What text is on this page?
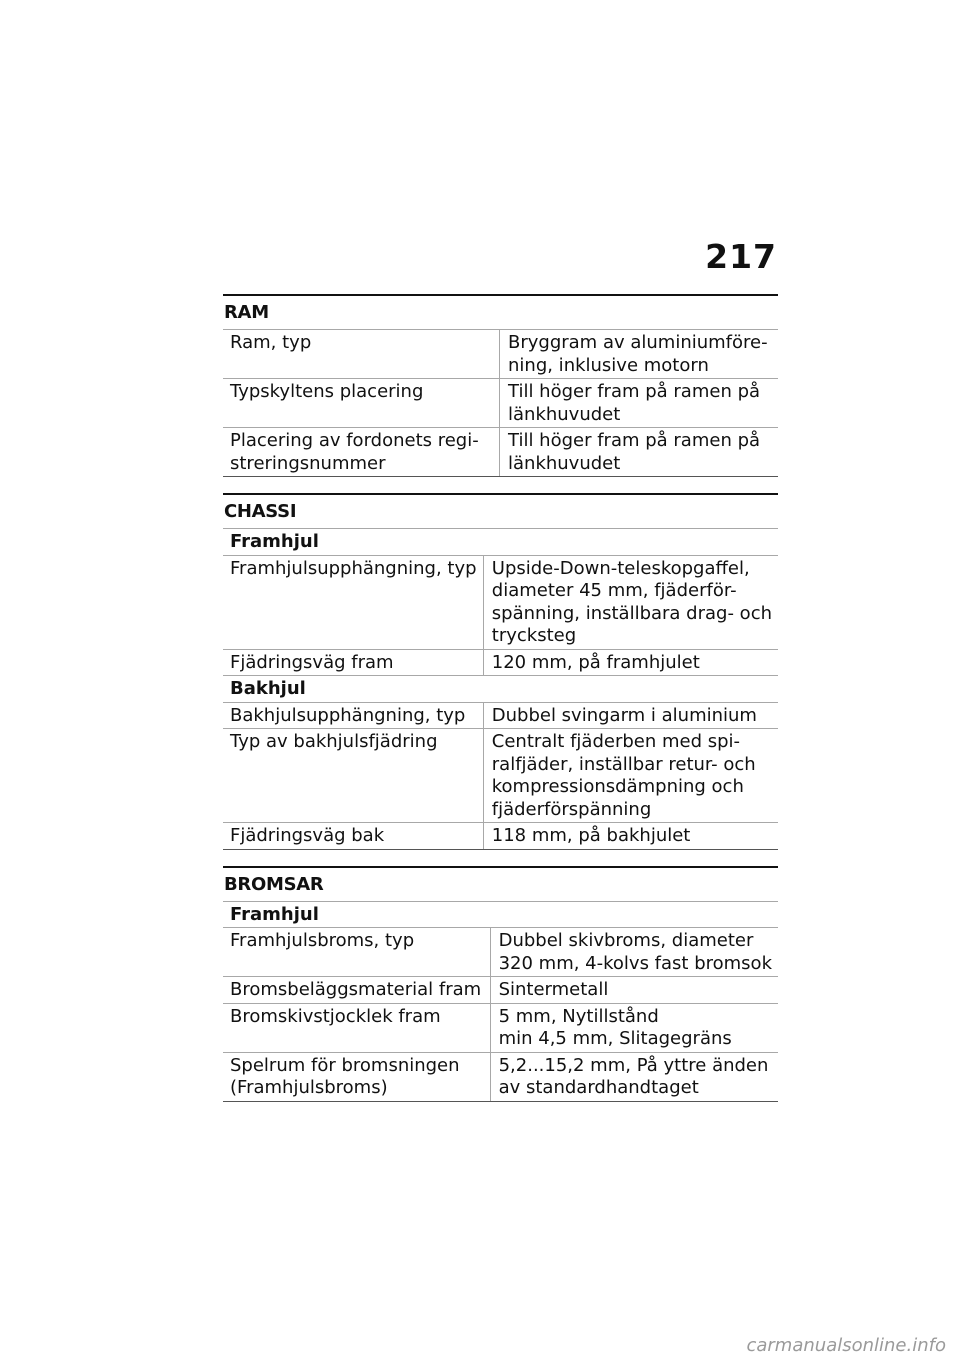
217
RAM
Ram, typ	Bryggram av aluminiumföre-
ning, inklusive motorn

Typskyltens placering	Till höger fram på ramen på
länkhuvudet

Placering av fordonets regi-
streringsnummer	Till höger fram på ramen på
länkhuvudet
CHASSI
Framhjul	

Framhjulsupphängning, typ	Upside-Down-teleskopgaffel,
diameter 45 mm, fjäderför-
spänning, inställbara drag- och
trycksteg

Fjädringsväg fram	120 mm, på framhjulet

Bakhjul	

Bakhjulsupphängning, typ	Dubbel svingarm i aluminium

Typ av bakhjulsfjädring	Centralt fjäderben med spi-
ralfjäder, inställbar retur- och
kompressionsdämpning och
fjäderförspänning

Fjädringsväg bak	118 mm, på bakhjulet
BROMSAR
Framhjul	

Framhjulsbroms, typ	Dubbel skivbroms, diameter
320 mm, 4-kolvs fast bromsok

Bromsbeläggsmaterial fram	Sintermetall

Bromskivstjocklek fram	5 mm, Nytillstånd
min 4,5 mm, Slitagegräns

Spelrum för bromsningen
(Framhjulsbroms)	5,2...15,2 mm, På yttre änden
av standardhandtaget
carmanualsonline.info
